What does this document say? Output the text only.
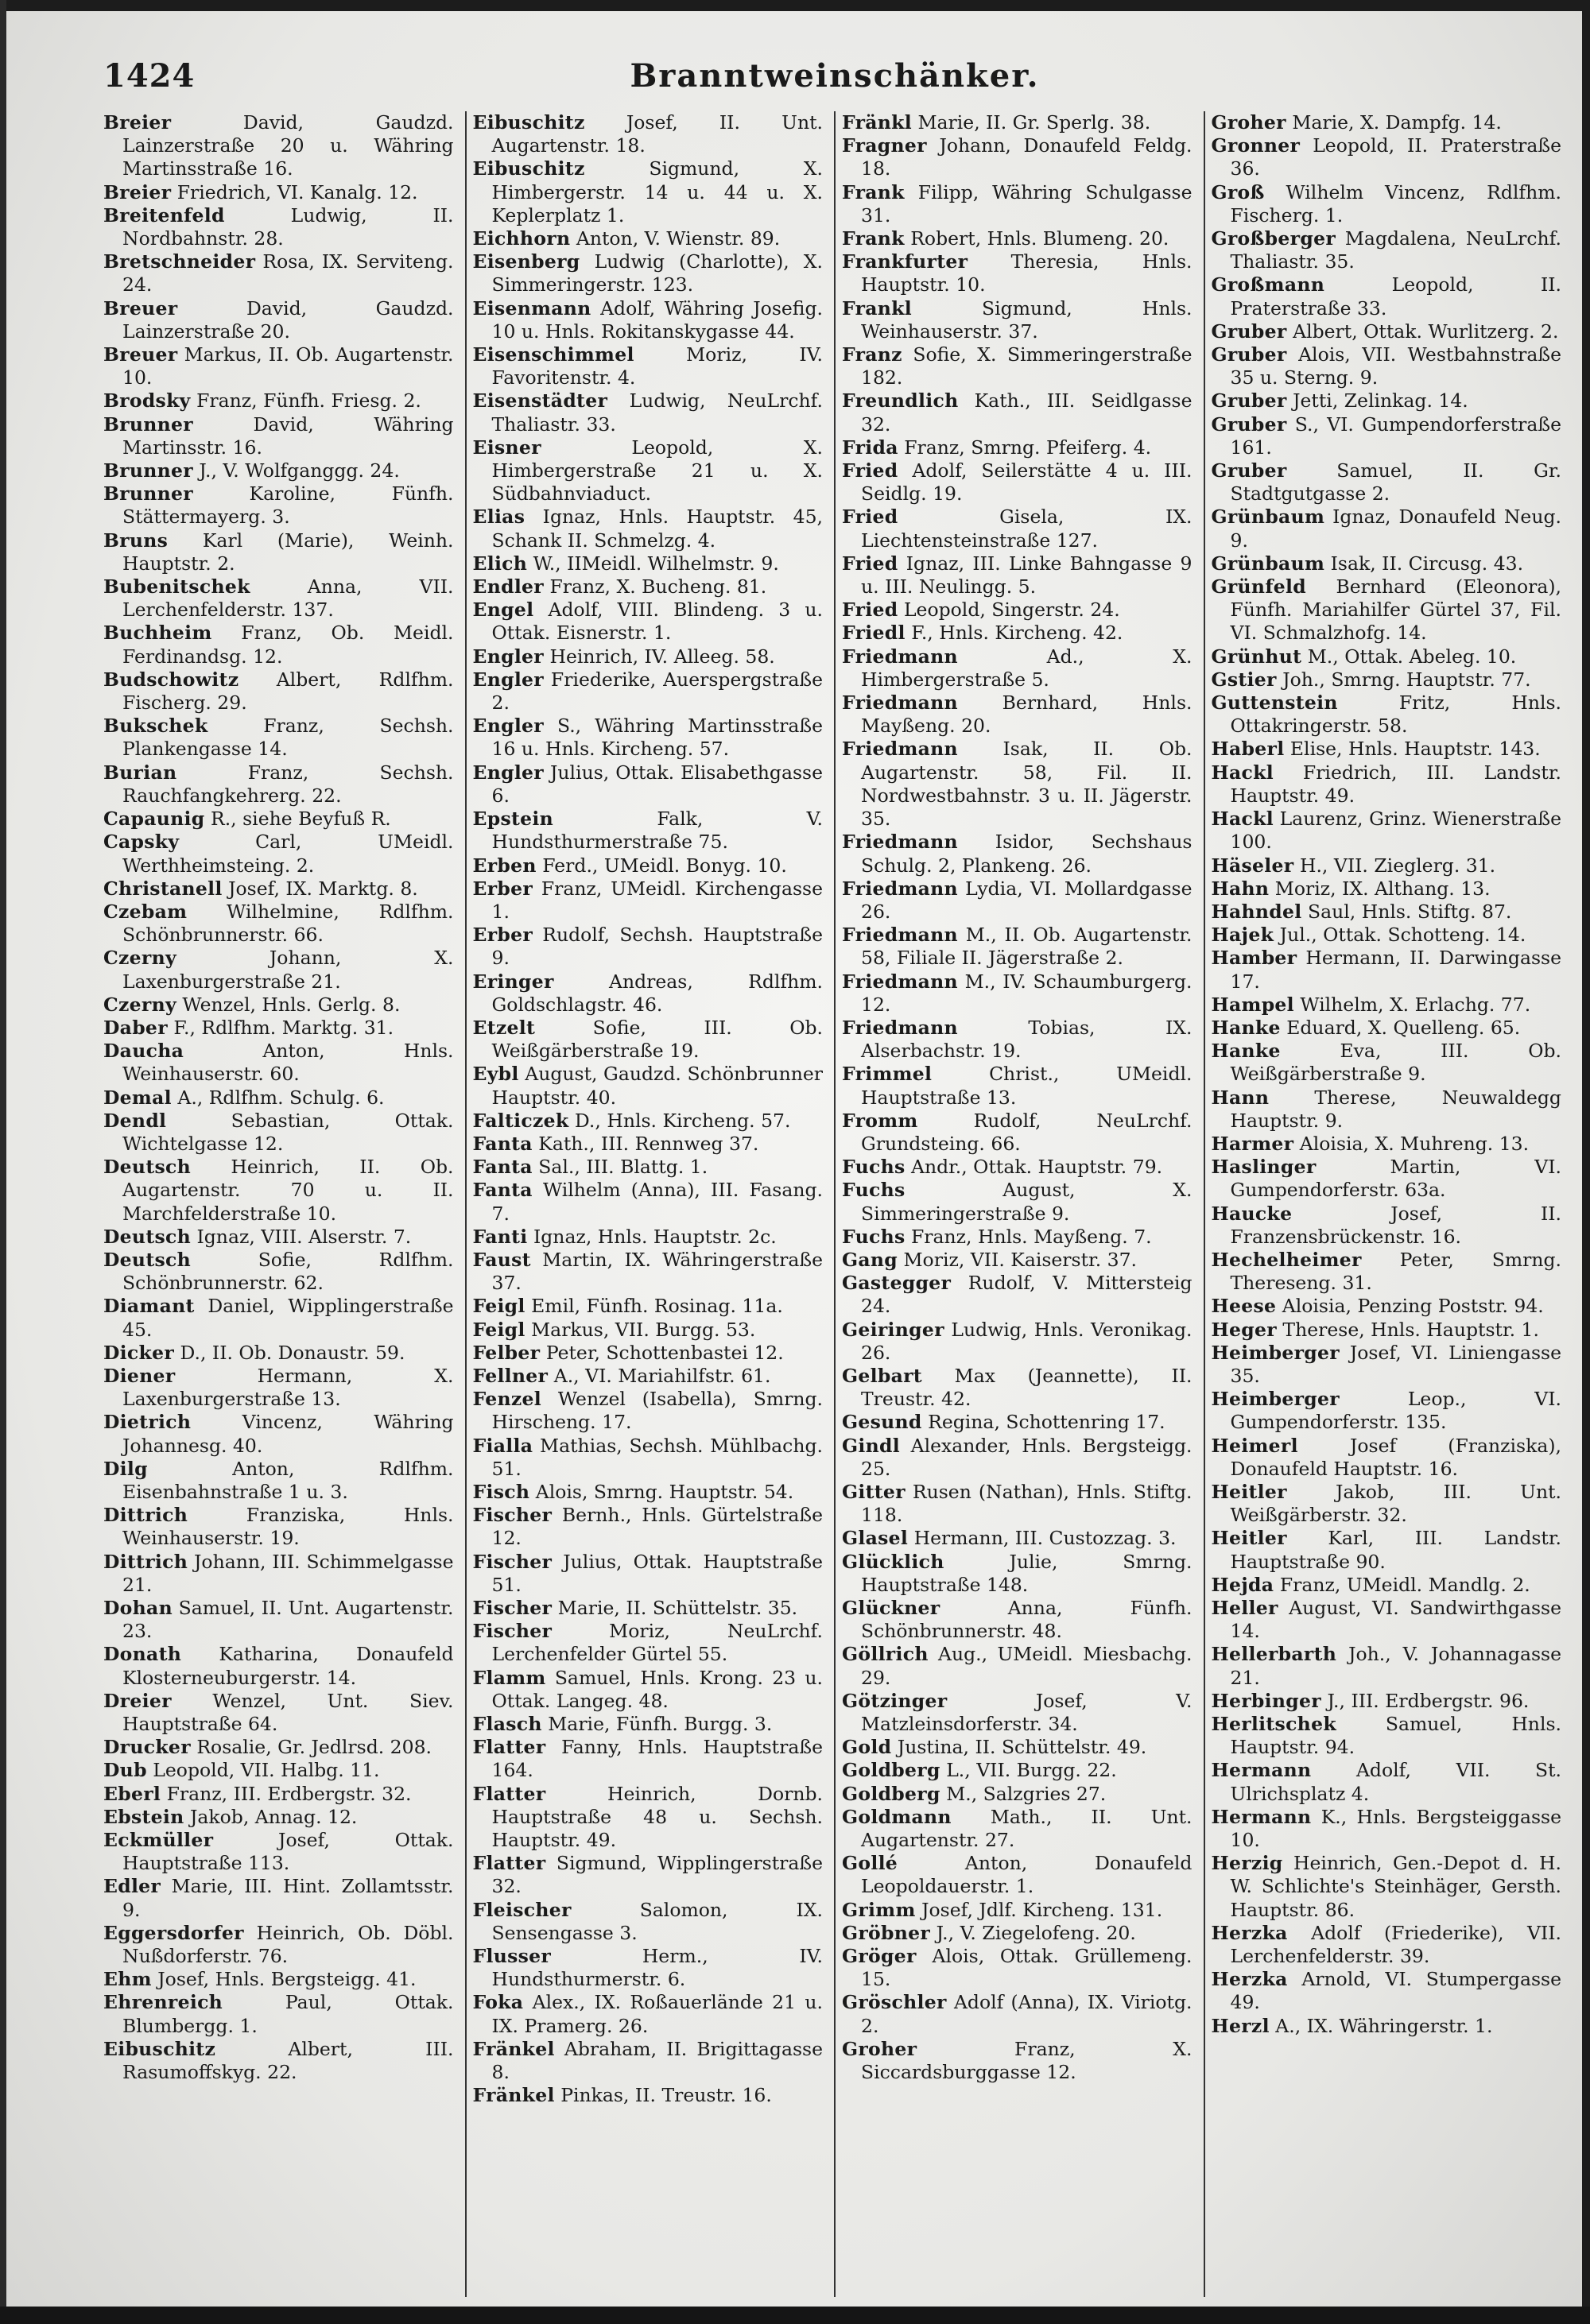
Branntweinschänker.
1424

Breier	David, Gaudzd. Lainzerstraße 20 u. Währing Martinsstraße 16.

Breier Friedrich, VI. Kanalg. 12.

Breitenfeld	Ludwig, II. Nordbahnstr. 28.

Bretschneider Rosa, IX. Serviteng. 24.

Breuer	David, Gaudzd. Lainzerstraße 20.

Breuer Markus, II. Ob. Augartenstr. 10.

Brodsky Franz, Fünfh. Friesg. 2.

Brunner	David, Währing Martinsstr. 16.

Brunner J., V. Wolfganggg. 24.

Brunner	Karoline, Fünfh. Stättermayerg. 3.

Bruns Karl (Marie), Weinh. Hauptstr. 2.

Bubenitschek	Anna, VII. Lerchenfelderstr. 137.

Buchheim Franz, Ob. Meidl. Ferdinandsg. 12.

Budschowitz Albert, Rdlfhm. Fischerg. 29.

Bukschek	Franz, Sechsh. Plankengasse 14.

Burian	Franz, Sechsh. Rauchfangkehrerg. 22.

Capaunig R., siehe Beyfuß R.

Capsky	Carl, UMeidl. Werthheimsteing. 2.

Christanell Josef, IX. Marktg. 8.

Czebam Wilhelmine, Rdlfhm. Schönbrunnerstr. 66.

Czerny	Johann, X. Laxenburgerstraße 21.

Czerny Wenzel, Hnls. Gerlg. 8.

Daber F., Rdlfhm. Marktg. 31.

Daucha	Anton, Hnls. Weinhauserstr. 60.

Demal A., Rdlfhm. Schulg. 6.

Dendl	Sebastian, Ottak. Wichtelgasse 12.

Deutsch Heinrich, II. Ob. Augartenstr. 70 u. II. Marchfelderstraße 10.

Deutsch Ignaz, VIII. Alserstr. 7.

Deutsch	Sofie, Rdlfhm. Schönbrunnerstr. 62.

Diamant Daniel, Wipplingerstraße 45.

Dicker D., II. Ob. Donaustr. 59.

Diener	Hermann, X. Laxenburgerstraße 13.

Dietrich	Vincenz, Währing Johannesg. 40.

Dilg	Anton, Rdlfhm. Eisenbahnstraße 1 u. 3.

Dittrich	Franziska, Hnls. Weinhauserstr. 19.

Dittrich Johann, III. Schimmelgasse 21.

Dohan Samuel, II. Unt. Augartenstr. 23.

Donath Katharina, Donaufeld Klosterneuburgerstr. 14.

Dreier Wenzel, Unt. Siev. Hauptstraße 64.

Drucker Rosalie, Gr. Jedlrsd. 208.

Dub Leopold, VII. Halbg. 11.

Eberl Franz, III. Erdbergstr. 32.

Ebstein Jakob, Annag. 12.

Eckmüller	Josef, Ottak. Hauptstraße 113.

Edler Marie, III. Hint. Zollamtsstr. 9.

Eggersdorfer Heinrich, Ob. Döbl. Nußdorferstr. 76.

Ehm Josef, Hnls. Bergsteigg. 41.

Ehrenreich	Paul, Ottak. Blumbergg. 1.

Eibuschitz	Albert, III. Rasumoffskyg. 22.

Eibuschitz Josef, II. Unt. Augartenstr. 18.

Eibuschitz	Sigmund, X. Himbergerstr. 14 u. 44 u. X. Keplerplatz 1.

Eichhorn Anton, V. Wienstr. 89.

Eisenberg Ludwig (Charlotte), X. Simmeringerstr. 123.

Eisenmann Adolf, Währing Josefig. 10 u. Hnls. Rokitanskygasse 44.

Eisenschimmel	Moriz, IV. Favoritenstr. 4.

Eisenstädter Ludwig, NeuLrchf. Thaliastr. 33.

Eisner	Leopold, X. Himbergerstraße 21 u. X. Südbahnviaduct.

Elias Ignaz, Hnls. Hauptstr. 45, Schank II. Schmelzg. 4.

Elich W., IIMeidl. Wilhelmstr. 9.

Endler Franz, X. Bucheng. 81.

Engel Adolf, VIII. Blindeng. 3 u. Ottak. Eisnerstr. 1.

Engler Heinrich, IV. Alleeg. 58.

Engler Friederike, Auerspergstraße 2.

Engler S., Währing Martinsstraße 16 u. Hnls. Kircheng. 57.

Engler Julius, Ottak. Elisabethgasse 6.

Epstein	Falk, V. Hundsthurmerstraße 75.

Erben Ferd., UMeidl. Bonyg. 10.

Erber Franz, UMeidl. Kirchengasse 1.

Erber Rudolf, Sechsh. Hauptstraße 9.

Eringer	Andreas, Rdlfhm. Goldschlagstr. 46.

Etzelt	Sofie, III. Ob. Weißgärberstraße 19.

Eybl August, Gaudzd. Schönbrunner Hauptstr. 40.

Falticzek D., Hnls. Kircheng. 57.

Fanta Kath., III. Rennweg 37.

Fanta Sal., III. Blattg. 1.

Fanta Wilhelm (Anna), III. Fasang. 7.

Fanti Ignaz, Hnls. Hauptstr. 2c.

Faust Martin, IX. Währingerstraße 37.

Feigl Emil, Fünfh. Rosinag. 11a.

Feigl Markus, VII. Burgg. 53.

Felber Peter, Schottenbastei 12.

Fellner A., VI. Mariahilfstr. 61.

Fenzel Wenzel (Isabella), Smrng. Hirscheng. 17.

Fialla Mathias, Sechsh. Mühlbachg. 51.

Fisch Alois, Smrng. Hauptstr. 54.

Fischer Bernh., Hnls. Gürtelstraße 12.

Fischer Julius, Ottak. Hauptstraße 51.

Fischer Marie, II. Schüttelstr. 35.

Fischer	Moriz, NeuLrchf. Lerchenfelder Gürtel 55.

Flamm Samuel, Hnls. Krong. 23 u. Ottak. Langeg. 48.

Flasch Marie, Fünfh. Burgg. 3.

Flatter Fanny, Hnls. Hauptstraße 164.

Flatter	Heinrich, Dornb. Hauptstraße 48 u. Sechsh. Hauptstr. 49.

Flatter Sigmund, Wipplingerstraße 32.

Fleischer	Salomon, IX. Sensengasse 3.

Flusser	Herm., IV. Hundsthurmerstr. 6.

Foka Alex., IX. Roßauerlände 21 u. IX. Pramerg. 26.

Fränkel Abraham, II. Brigittagasse 8.

Fränkel Pinkas, II. Treustr. 16.

Fränkl Marie, II. Gr. Sperlg. 38.

Fragner Johann, Donaufeld Feldg. 18.

Frank Filipp, Währing Schulgasse 31.

Frank Robert, Hnls. Blumeng. 20.

Frankfurter Theresia, Hnls. Hauptstr. 10.

Frankl	Sigmund, Hnls. Weinhauserstr. 37.

Franz Sofie, X. Simmeringerstraße 182.

Freundlich Kath., III. Seidlgasse 32.

Frida Franz, Smrng. Pfeiferg. 4.

Fried Adolf, Seilerstätte 4 u. III. Seidlg. 19.

Fried	Gisela, IX. Liechtensteinstraße 127.

Fried Ignaz, III. Linke Bahngasse 9 u. III. Neulingg. 5.

Fried Leopold, Singerstr. 24.

Friedl F., Hnls. Kircheng. 42.

Friedmann	Ad., X. Himbergerstraße 5.

Friedmann Bernhard, Hnls. Mayßeng. 20.

Friedmann Isak, II. Ob. Augartenstr. 58, Fil. II. Nordwestbahnstr. 3 u. II. Jägerstr. 35.

Friedmann Isidor, Sechshaus Schulg. 2, Plankeng. 26.

Friedmann Lydia, VI. Mollardgasse 26.

Friedmann M., II. Ob. Augartenstr. 58, Filiale II. Jägerstraße 2.

Friedmann M., IV. Schaumburgerg. 12.

Friedmann	Tobias, IX. Alserbachstr. 19.

Frimmel	Christ., UMeidl. Hauptstraße 13.

Fromm	Rudolf, NeuLrchf. Grundsteing. 66.

Fuchs Andr., Ottak. Hauptstr. 79.

Fuchs	August, X. Simmeringerstraße 9.

Fuchs Franz, Hnls. Mayßeng. 7.

Gang Moriz, VII. Kaiserstr. 37.

Gastegger Rudolf, V. Mittersteig 24.

Geiringer Ludwig, Hnls. Veronikag. 26.

Gelbart Max (Jeannette), II. Treustr. 42.

Gesund Regina, Schottenring 17.

Gindl Alexander, Hnls. Bergsteigg. 25.

Gitter Rusen (Nathan), Hnls. Stiftg. 118.

Glasel Hermann, III. Custozzag. 3.

Glücklich	Julie, Smrng. Hauptstraße 148.

Glückner	Anna, Fünfh. Schönbrunnerstr. 48.

Göllrich Aug., UMeidl. Miesbachg. 29.

Götzinger	Josef, V. Matzleinsdorferstr. 34.

Gold Justina, II. Schüttelstr. 49.

Goldberg L., VII. Burgg. 22.

Goldberg M., Salzgries 27.

Goldmann Math., II. Unt. Augartenstr. 27.

Gollé	Anton, Donaufeld Leopoldauerstr. 1.

Grimm Josef, Jdlf. Kircheng. 131.

Gröbner J., V. Ziegelofeng. 20.

Gröger Alois, Ottak. Grüllemeng. 15.

Gröschler Adolf (Anna), IX. Viriotg. 2.

Groher	Franz, X. Siccardsburggasse 12.

Groher Marie, X. Dampfg. 14.

Gronner Leopold, II. Praterstraße 36.

Groß Wilhelm Vincenz, Rdlfhm. Fischerg. 1.

Großberger Magdalena, NeuLrchf. Thaliastr. 35.

Großmann	Leopold, II. Praterstraße 33.

Gruber Albert, Ottak. Wurlitzerg. 2.

Gruber Alois, VII. Westbahnstraße 35 u. Sterng. 9.

Gruber Jetti, Zelinkag. 14.

Gruber S., VI. Gumpendorferstraße 161.

Gruber	Samuel, II. Gr. Stadtgutgasse 2.

Grünbaum Ignaz, Donaufeld Neug. 9.

Grünbaum Isak, II. Circusg. 43.

Grünfeld Bernhard (Eleonora), Fünfh. Mariahilfer Gürtel 37, Fil. VI. Schmalzhofg. 14.

Grünhut M., Ottak. Abeleg. 10.

Gstier Joh., Smrng. Hauptstr. 77.

Guttenstein	Fritz, Hnls. Ottakringerstr. 58.

Haberl Elise, Hnls. Hauptstr. 143.

Hackl Friedrich, III. Landstr. Hauptstr. 49.

Hackl Laurenz, Grinz. Wienerstraße 100.

Häseler H., VII. Zieglerg. 31.

Hahn Moriz, IX. Althang. 13.

Hahndel Saul, Hnls. Stiftg. 87.

Hajek Jul., Ottak. Schotteng. 14.

Hamber Hermann, II. Darwingasse 17.

Hampel Wilhelm, X. Erlachg. 77.

Hanke Eduard, X. Quelleng. 65.

Hanke	Eva, III. Ob. Weißgärberstraße 9.

Hann Therese, Neuwaldegg Hauptstr. 9.

Harmer Aloisia, X. Muhreng. 13.

Haslinger	Martin, VI. Gumpendorferstr. 63a.

Haucke	Josef, II. Franzensbrückenstr. 16.

Hechelheimer Peter, Smrng. Thereseng. 31.

Heese Aloisia, Penzing Poststr. 94.

Heger Therese, Hnls. Hauptstr. 1.

Heimberger Josef, VI. Liniengasse 35.

Heimberger	Leop., VI. Gumpendorferstr. 135.

Heimerl	Josef (Franziska), Donaufeld Hauptstr. 16.

Heitler	Jakob, III. Unt. Weißgärberstr. 32.

Heitler Karl, III. Landstr. Hauptstraße 90.

Hejda Franz, UMeidl. Mandlg. 2.

Heller August, VI. Sandwirthgasse 14.

Hellerbarth Joh., V. Johannagasse 21.

Herbinger J., III. Erdbergstr. 96.

Herlitschek	Samuel, Hnls. Hauptstr. 94.

Hermann Adolf, VII. St. Ulrichsplatz 4.

Hermann K., Hnls. Bergsteiggasse 10.

Herzig Heinrich, Gen.-Depot d. H. W. Schlichte's Steinhäger, Gersth. Hauptstr. 86.

Herzka Adolf (Friederike), VII. Lerchenfelderstr. 39.

Herzka Arnold, VI. Stumpergasse 49.

Herzl A., IX. Währingerstr. 1.
